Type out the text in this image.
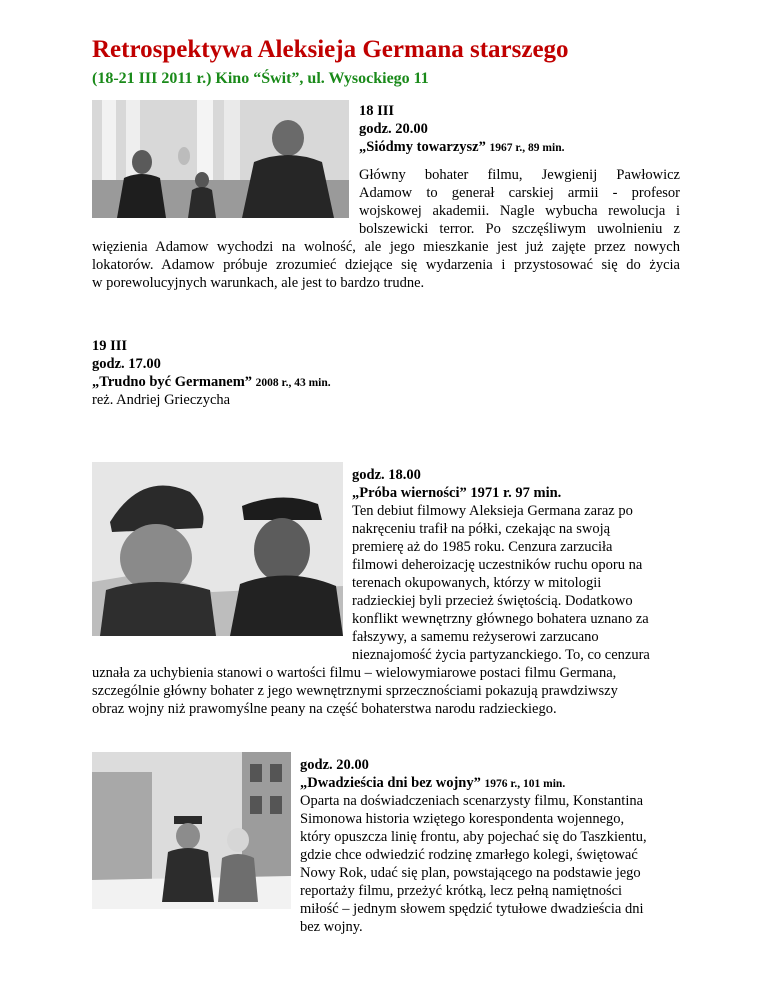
Retrospektywa Aleksieja Germana starszego
(18-21 III 2011 r.) Kino “Świt”, ul. Wysockiego 11
18 III
godz. 20.00
„Siódmy towarzysz” 1967 r., 89 min.
Główny bohater filmu, Jewgienij Pawłowicz
Adamow to generał carskiej armii - profesor
wojskowej akademii. Nagle wybucha rewolucja i
bolszewicki terror. Po szczęśliwym uwolnieniu z
więzienia Adamow wychodzi na wolność, ale jego mieszkanie jest już zajęte przez nowych
lokatorów. Adamow próbuje zrozumieć dziejące się wydarzenia i przystosować się do życia
w porewolucyjnych warunkach, ale jest to bardzo trudne.
19 III
godz. 17.00
„Trudno być Germanem” 2008 r., 43 min.
reż. Andriej Grieczycha
godz. 18.00
„Próba wierności” 1971 r. 97 min.
Ten debiut filmowy Aleksieja Germana zaraz po
nakręceniu trafił na półki, czekając na swoją
premierę aż do 1985 roku. Cenzura zarzuciła
filmowi deheroizację uczestników ruchu oporu na
terenach okupowanych, którzy w mitologii
radzieckiej byli przecież świętością. Dodatkowo
konflikt wewnętrzny głównego bohatera uznano za
fałszywy, a samemu reżyserowi zarzucano
nieznajomość życia partyzanckiego. To, co cenzura
uznała za uchybienia stanowi o wartości filmu – wielowymiarowe postaci filmu Germana,
szczególnie główny bohater z jego wewnętrznymi sprzecznościami pokazują prawdziwszy
obraz wojny niż prawomyślne peany na część bohaterstwa narodu radzieckiego.
godz. 20.00
„Dwadzieścia dni bez wojny” 1976 r., 101 min.
Oparta na doświadczeniach scenarzysty filmu, Konstantina
Simonowa historia wziętego korespondenta wojennego,
który opuszcza linię frontu, aby pojechać się do Taszkientu,
gdzie chce odwiedzić rodzinę zmarłego kolegi, świętować
Nowy Rok, udać się plan, powstającego na podstawie jego
reportaży filmu, przeżyć krótką, lecz pełną namiętności
miłość – jednym słowem spędzić tytułowe dwadzieścia dni
bez wojny.
